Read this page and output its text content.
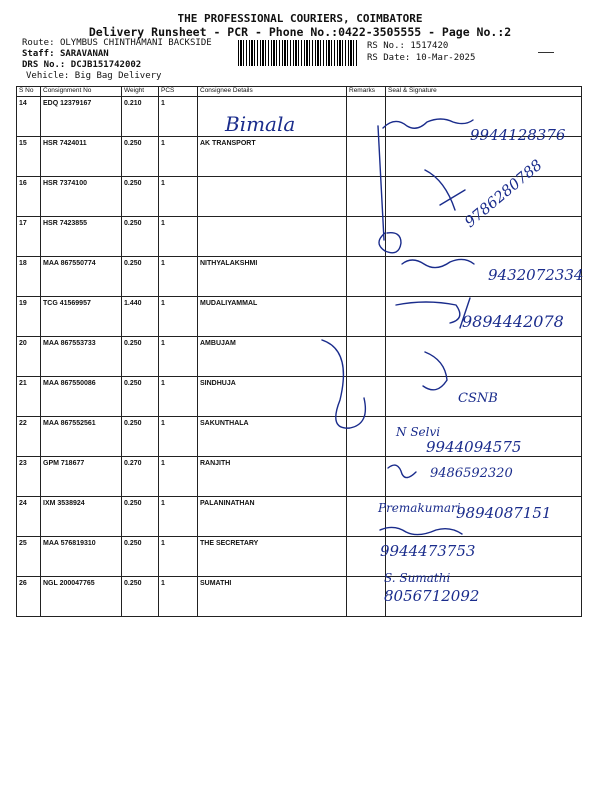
THE PROFESSIONAL COURIERS, COIMBATORE
Delivery Runsheet - PCR - Phone No.:0422-3505555 - Page No.:2
Route: OLYMBUS CHINTHAMANI BACKSIDE
Staff: SARAVANAN
DRS No.: DCJB151742002
Vehicle: Big Bag Delivery
RS No.: 1517420
RS Date: 10-Mar-2025
S No	Consignment No	Weight	PCS	Consignee Details	Remarks	Seal & Signature
14	EDQ 12379167	0.210	1			
15	HSR 7424011	0.250	1	AK TRANSPORT		
16	HSR 7374100	0.250	1			
17	HSR 7423855	0.250	1			
18	MAA 867550774	0.250	1	NITHYALAKSHMI		
19	TCG 41569957	1.440	1	MUDALIYAMMAL		
20	MAA 867553733	0.250	1	AMBUJAM		
21	MAA 867550086	0.250	1	SINDHUJA		
22	MAA 867552561	0.250	1	SAKUNTHALA		
23	GPM 718677	0.270	1	RANJITH		
24	IXM 3538924	0.250	1	PALANINATHAN		
25	MAA 576819310	0.250	1	THE SECRETARY		
26	NGL 200047765	0.250	1	SUMATHI		
Bimala	9944128376
9786280788
9432072334
9894442078
CSNB
N Selvi
9944094575
9486592320
Premakumari
9894087151
9944473753
S. Sumathi
8056712092
